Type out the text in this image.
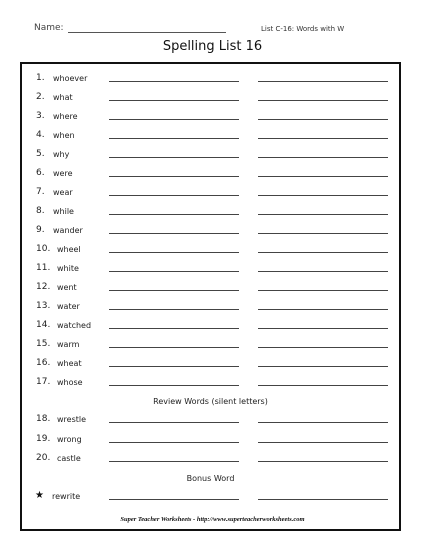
Name:	List C-16: Words with W
Spelling List 16
1. whoever
2. what
3. where
4. when
5. why
6. were
7. wear
8. while
9. wander
10. wheel
11. white
12. went
13. water
14. watched
15. warm
16. wheat
17. whose
Review Words (silent letters)
18. wrestle
19. wrong
20. castle
Bonus Word
★ rewrite
Super Teacher Worksheets - http://www.superteacherworksheets.com
